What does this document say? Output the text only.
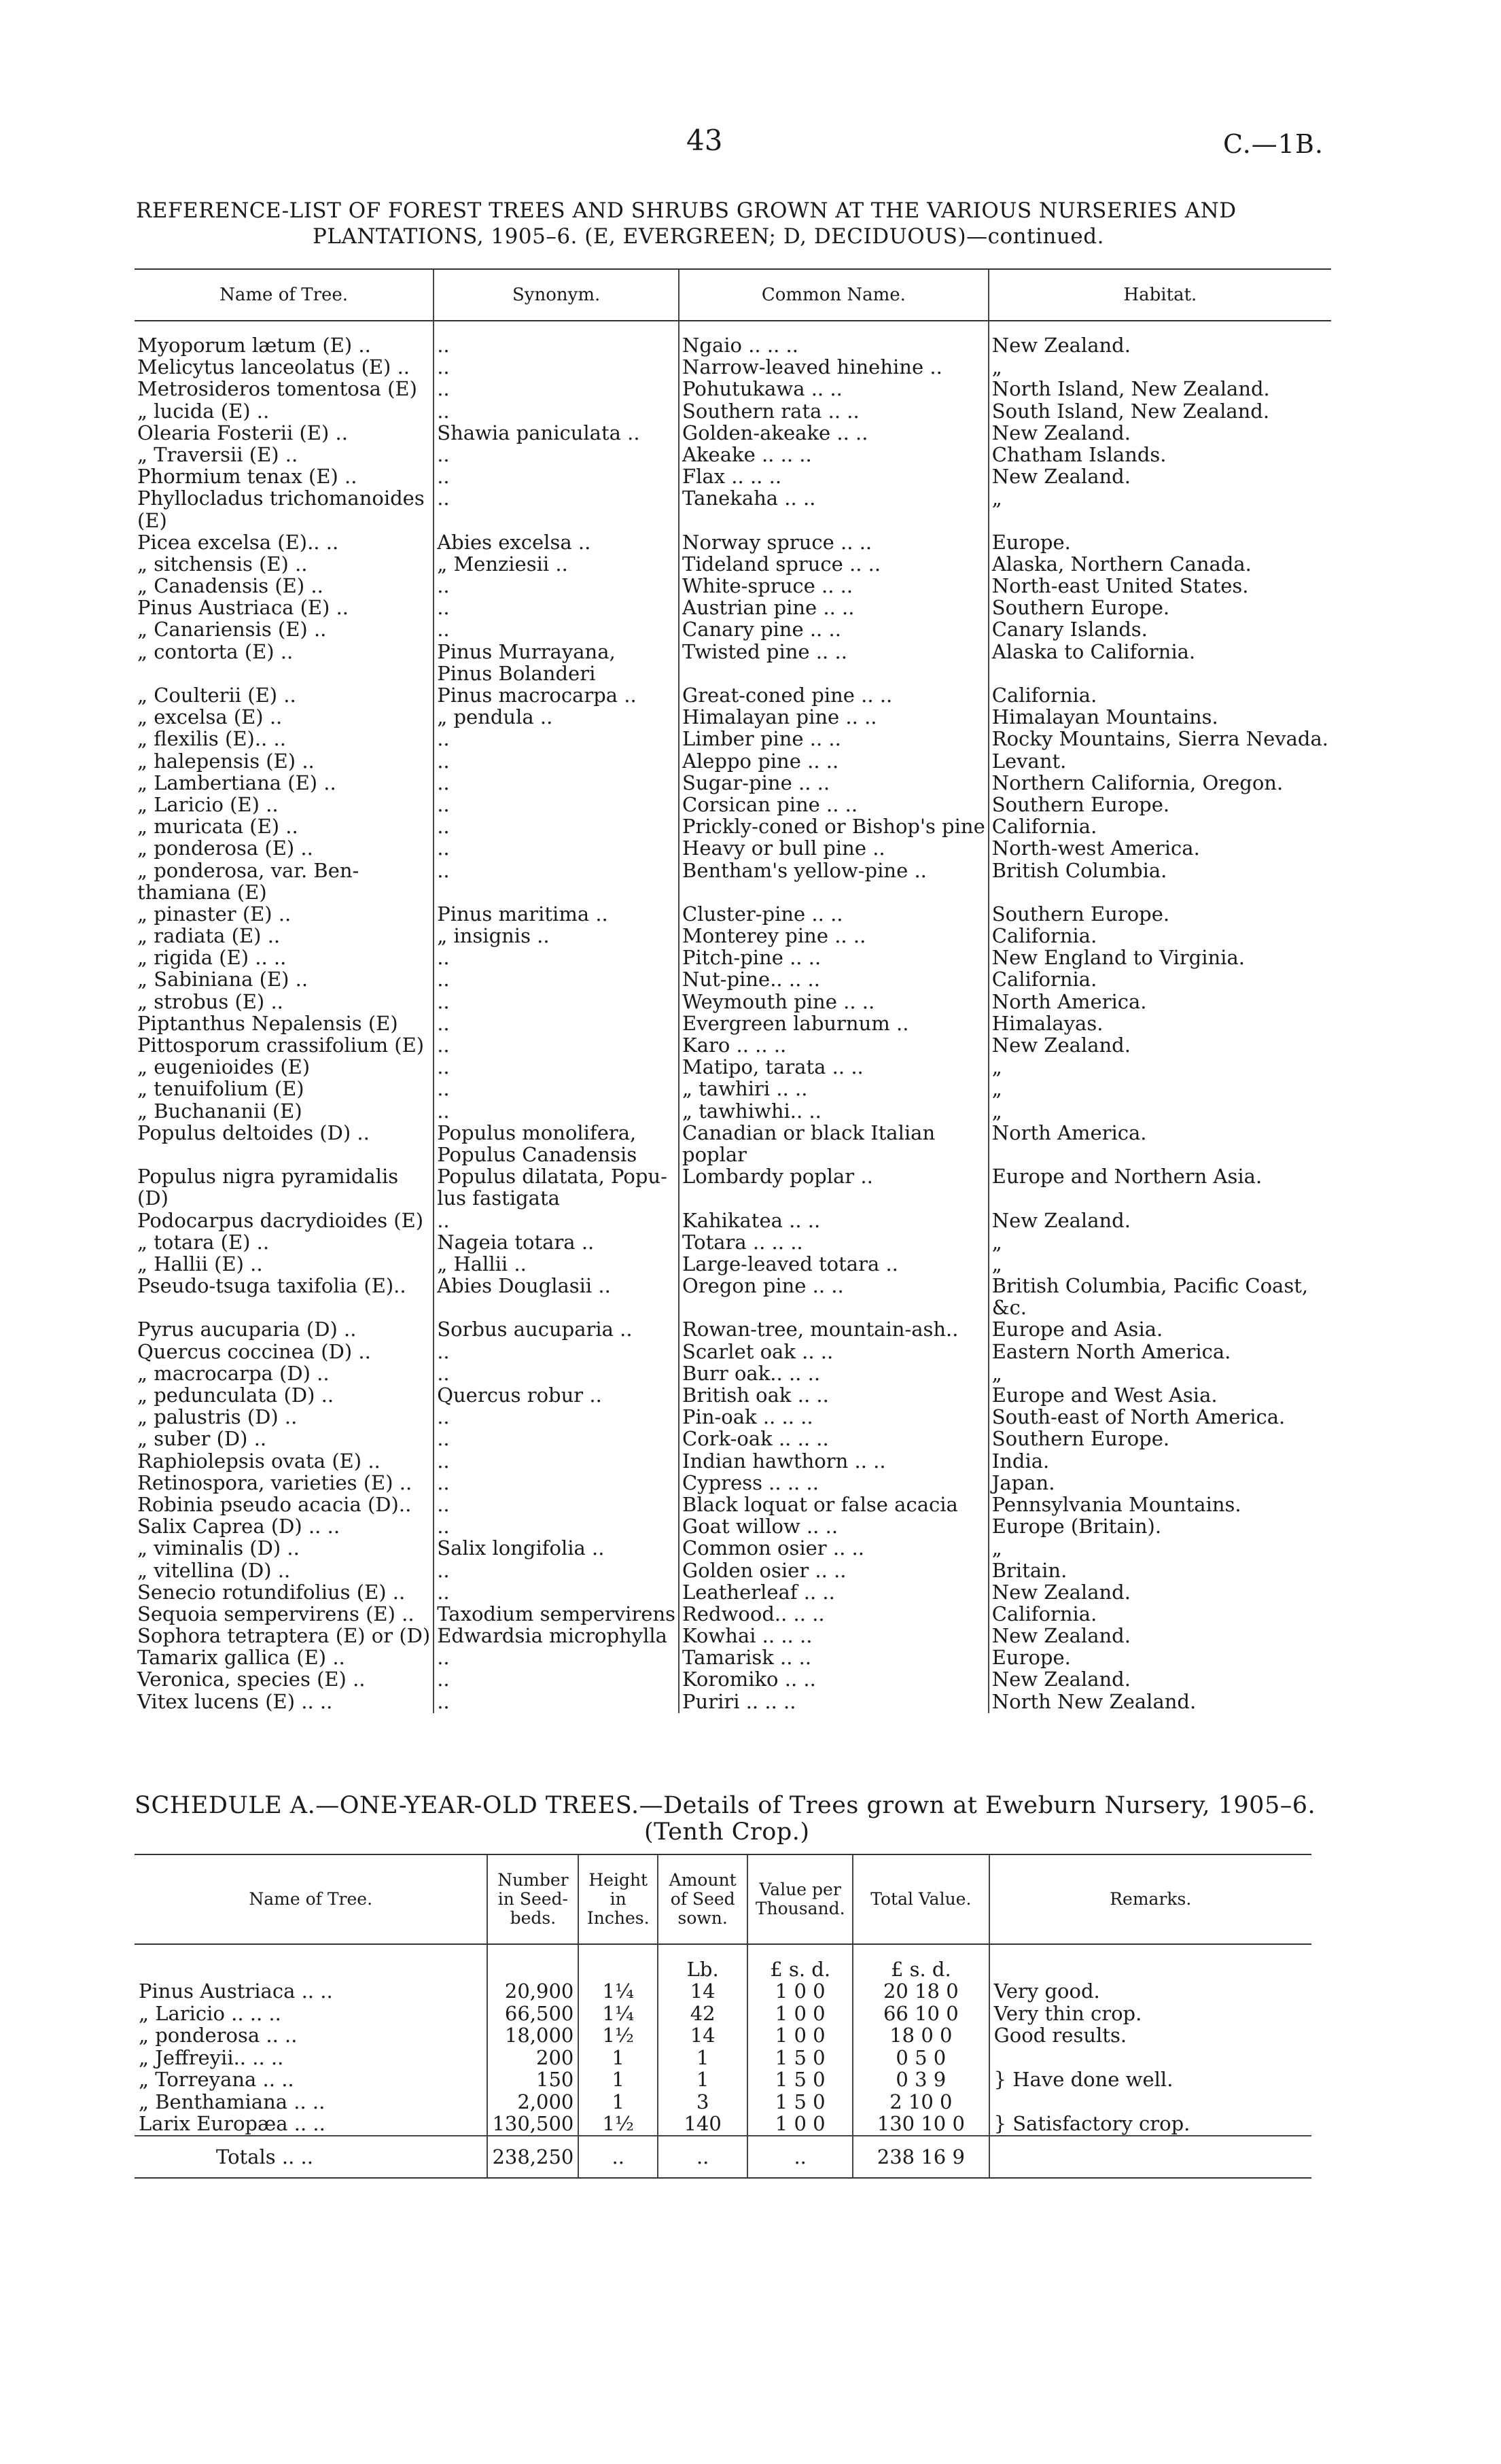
43	C.—1B.
REFERENCE-LIST OF FOREST TREES AND SHRUBS GROWN AT THE VARIOUS NURSERIES AND
PLANTATIONS, 1905–6. (E, EVERGREEN; D, DECIDUOUS)—continued.
Name of Tree.	Synonym.	Common Name.	Habitat.
Myoporum lætum (E) ..	..	Ngaio .. .. ..	New Zealand.
Melicytus lanceolatus (E) ..	..	Narrow-leaved hinehine ..	„
Metrosideros tomentosa (E)	..	Pohutukawa .. ..	North Island, New Zealand.
„ lucida (E) ..	..	Southern rata .. ..	South Island, New Zealand.
Olearia Fosterii (E) ..	Shawia paniculata ..	Golden-akeake .. ..	New Zealand.
„ Traversii (E) ..	..	Akeake .. .. ..	Chatham Islands.
Phormium tenax (E) ..	..	Flax .. .. ..	New Zealand.
Phyllocladus trichomanoides	..	Tanekaha .. ..	„
(E)			
Picea excelsa (E).. ..	Abies excelsa ..	Norway spruce .. ..	Europe.
„ sitchensis (E) ..	„ Menziesii ..	Tideland spruce .. ..	Alaska, Northern Canada.
„ Canadensis (E) ..	..	White-spruce .. ..	North-east United States.
Pinus Austriaca (E) ..	..	Austrian pine .. ..	Southern Europe.
„ Canariensis (E) ..	..	Canary pine .. ..	Canary Islands.
„ contorta (E) ..	Pinus Murrayana,	Twisted pine .. ..	Alaska to California.
	Pinus Bolanderi		
„ Coulterii (E) ..	Pinus macrocarpa ..	Great-coned pine .. ..	California.
„ excelsa (E) ..	„ pendula ..	Himalayan pine .. ..	Himalayan Mountains.
„ flexilis (E).. ..	..	Limber pine .. ..	Rocky Mountains, Sierra Nevada.
„ halepensis (E) ..	..	Aleppo pine .. ..	Levant.
„ Lambertiana (E) ..	..	Sugar-pine .. ..	Northern California, Oregon.
„ Laricio (E) ..	..	Corsican pine .. ..	Southern Europe.
„ muricata (E) ..	..	Prickly-coned or Bishop's pine	California.
„ ponderosa (E) ..	..	Heavy or bull pine ..	North-west America.
„ ponderosa, var. Ben-	..	Bentham's yellow-pine ..	British Columbia.
thamiana (E)			
„ pinaster (E) ..	Pinus maritima ..	Cluster-pine .. ..	Southern Europe.
„ radiata (E) ..	„ insignis ..	Monterey pine .. ..	California.
„ rigida (E) .. ..	..	Pitch-pine .. ..	New England to Virginia.
„ Sabiniana (E) ..	..	Nut-pine.. .. ..	California.
„ strobus (E) ..	..	Weymouth pine .. ..	North America.
Piptanthus Nepalensis (E)	..	Evergreen laburnum ..	Himalayas.
Pittosporum crassifolium (E)	..	Karo .. .. ..	New Zealand.
„ eugenioides (E)	..	Matipo, tarata .. ..	„
„ tenuifolium (E)	..	„ tawhiri .. ..	„
„ Buchananii (E)	..	„ tawhiwhi.. ..	„
Populus deltoides (D) ..	Populus monolifera,	Canadian or black Italian	North America.
	Populus Canadensis	poplar	
Populus nigra pyramidalis	Populus dilatata, Popu-	Lombardy poplar ..	Europe and Northern Asia.
(D)	lus fastigata		
Podocarpus dacrydioides (E)	..	Kahikatea .. ..	New Zealand.
„ totara (E) ..	Nageia totara ..	Totara .. .. ..	„
„ Hallii (E) ..	„ Hallii ..	Large-leaved totara ..	„
Pseudo-tsuga taxifolia (E)..	Abies Douglasii ..	Oregon pine .. ..	British Columbia, Pacific Coast,
			&c.
Pyrus aucuparia (D) ..	Sorbus aucuparia ..	Rowan-tree, mountain-ash..	Europe and Asia.
Quercus coccinea (D) ..	..	Scarlet oak .. ..	Eastern North America.
„ macrocarpa (D) ..	..	Burr oak.. .. ..	„
„ pedunculata (D) ..	Quercus robur ..	British oak .. ..	Europe and West Asia.
„ palustris (D) ..	..	Pin-oak .. .. ..	South-east of North America.
„ suber (D) ..	..	Cork-oak .. .. ..	Southern Europe.
Raphiolepsis ovata (E) ..	..	Indian hawthorn .. ..	India.
Retinospora, varieties (E) ..	..	Cypress .. .. ..	Japan.
Robinia pseudo acacia (D)..	..	Black loquat or false acacia	Pennsylvania Mountains.
Salix Caprea (D) .. ..	..	Goat willow .. ..	Europe (Britain).
„ viminalis (D) ..	Salix longifolia ..	Common osier .. ..	„
„ vitellina (D) ..	..	Golden osier .. ..	Britain.
Senecio rotundifolius (E) ..	..	Leatherleaf .. ..	New Zealand.
Sequoia sempervirens (E) ..	Taxodium sempervirens	Redwood.. .. ..	California.
Sophora tetraptera (E) or (D)	Edwardsia microphylla	Kowhai .. .. ..	New Zealand.
Tamarix gallica (E) ..	..	Tamarisk .. ..	Europe.
Veronica, species (E) ..	..	Koromiko .. ..	New Zealand.
Vitex lucens (E) .. ..	..	Puriri .. .. ..	North New Zealand.
SCHEDULE A.—ONE-YEAR-OLD TREES.—Details of Trees grown at Eweburn Nursery, 1905–6.
(Tenth Crop.)
Name of Tree.	Number in Seed-beds.	Height in Inches.	Amount of Seed sown.	Value per Thousand.	Total Value.	Remarks.
			Lb.	£ s. d.	£ s. d.	
Pinus Austriaca .. ..	20,900	1¼	14	1 0 0	20 18 0	Very good.
„ Laricio .. .. ..	66,500	1¼	42	1 0 0	66 10 0	Very thin crop.
„ ponderosa .. ..	18,000	1½	14	1 0 0	18 0 0	Good results.
„ Jeffreyii.. .. ..	200	1	1	1 5 0	0 5 0	
„ Torreyana .. ..	150	1	1	1 5 0	0 3 9	} Have done well.
„ Benthamiana .. ..	2,000	1	3	1 5 0	2 10 0	
Larix Europæa .. ..	130,500	1½	140	1 0 0	130 10 0	} Satisfactory crop.
Totals .. ..	238,250	..	..	..	238 16 9	
